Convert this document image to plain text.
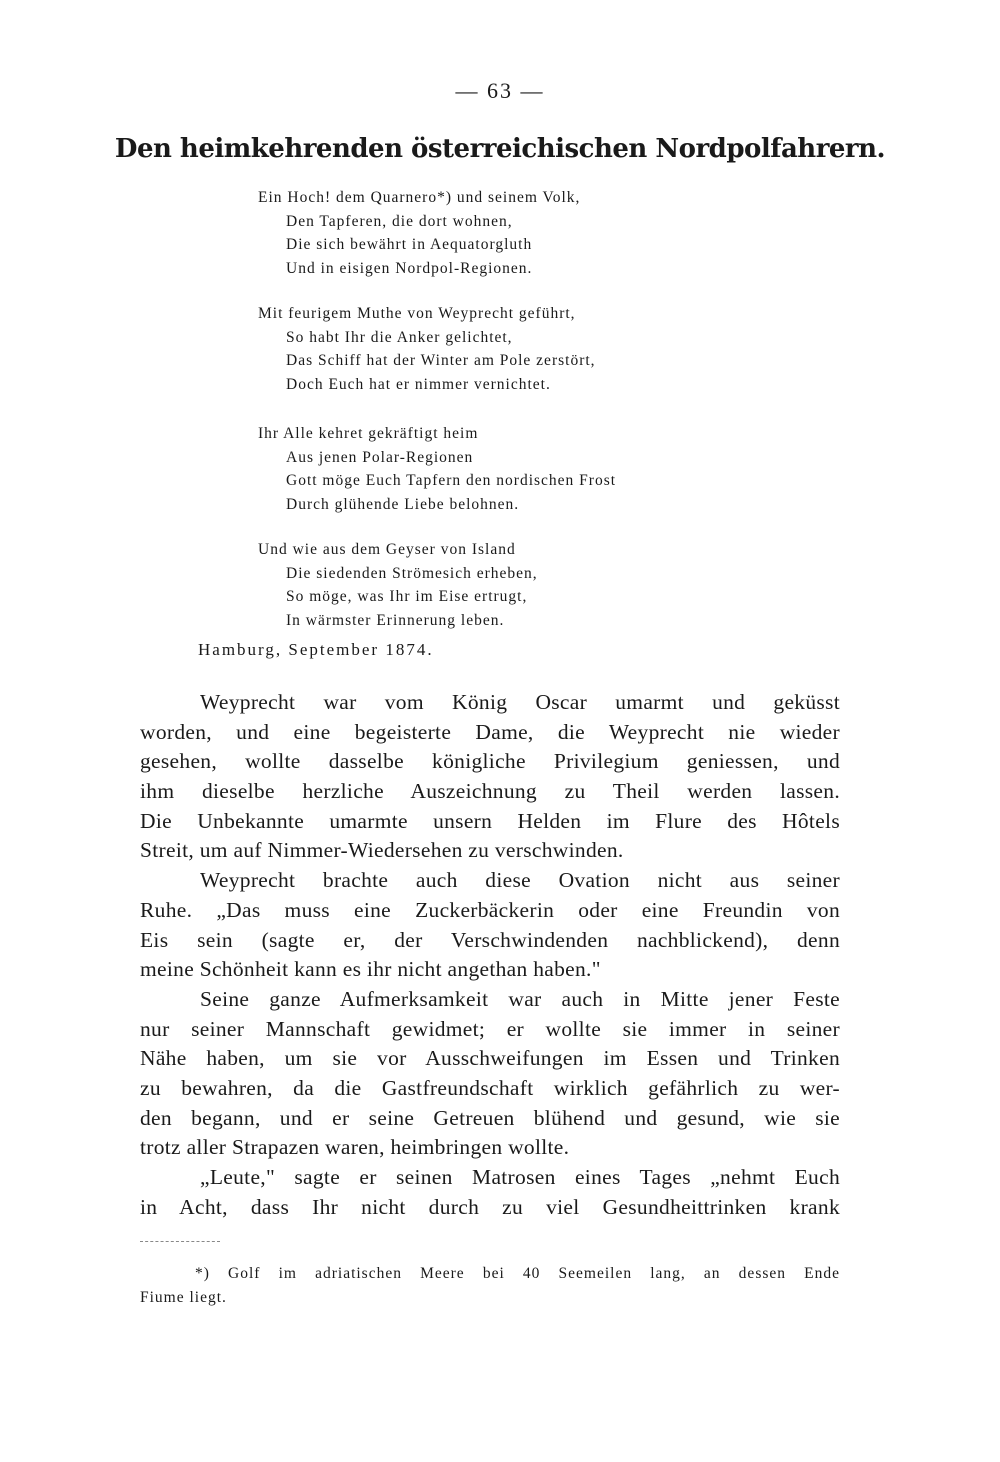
— 63 —
Den heimkehrenden österreichischen Nordpolfahrern.
Ein Hoch! dem Quarnero*) und seinem Volk,
Den Tapferen, die dort wohnen,
Die sich bewährt in Aequatorgluth
Und in eisigen Nordpol-Regionen.
Mit feurigem Muthe von Weyprecht geführt,
So habt Ihr die Anker gelichtet,
Das Schiff hat der Winter am Pole zerstört,
Doch Euch hat er nimmer vernichtet.
Ihr Alle kehret gekräftigt heim
Aus jenen Polar-Regionen
Gott möge Euch Tapfern den nordischen Frost
Durch glühende Liebe belohnen.
Und wie aus dem Geyser von Island
Die siedenden Strömesich erheben,
So möge, was Ihr im Eise ertrugt,
In wärmster Erinnerung leben.
Hamburg, September 1874.
Weyprecht war vom König Oscar umarmt und geküsst
worden, und eine begeisterte Dame, die Weyprecht nie wieder
gesehen, wollte dasselbe königliche Privilegium geniessen, und
ihm dieselbe herzliche Auszeichnung zu Theil werden lassen.
Die Unbekannte umarmte unsern Helden im Flure des Hôtels
Streit, um auf Nimmer-Wiedersehen zu verschwinden.
Weyprecht brachte auch diese Ovation nicht aus seiner
Ruhe. „Das muss eine Zuckerbäckerin oder eine Freundin von
Eis sein (sagte er, der Verschwindenden nachblickend), denn
meine Schönheit kann es ihr nicht angethan haben."
Seine ganze Aufmerksamkeit war auch in Mitte jener Feste
nur seiner Mannschaft gewidmet; er wollte sie immer in seiner
Nähe haben, um sie vor Ausschweifungen im Essen und Trinken
zu bewahren, da die Gastfreundschaft wirklich gefährlich zu wer-
den begann, und er seine Getreuen blühend und gesund, wie sie
trotz aller Strapazen waren, heimbringen wollte.
„Leute," sagte er seinen Matrosen eines Tages „nehmt Euch
in Acht, dass Ihr nicht durch zu viel Gesundheittrinken krank
*) Golf im adriatischen Meere bei 40 Seemeilen lang, an dessen Ende
Fiume liegt.
